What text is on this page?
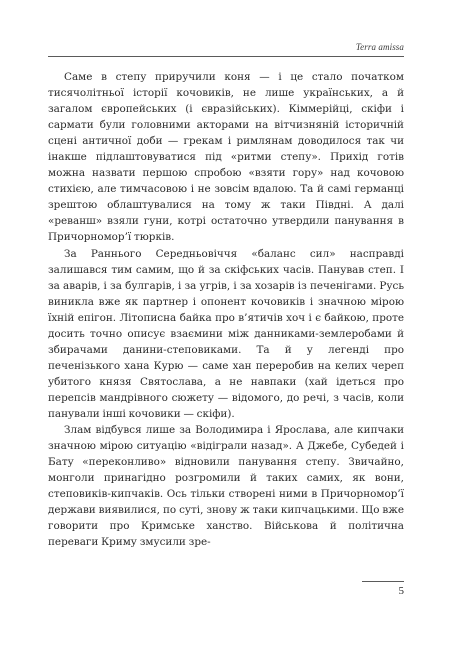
Terra amissa

Саме в степу приручили коня — і це стало початком тисячолітньої історії кочовиків, не лише українських, а й загалом європейських (і євразійських). Кіммерійці, скіфи і сармати були головними акторами на вітчизняній історичній сцені античної доби — грекам і римлянам доводилося так чи інакше підлаштовуватися під «ритми степу». Прихід готів можна назвати першою спробою «взяти гору» над кочовою стихією, але тимчасовою і не зовсім вдалою. Та й самі германці зрештою облаштувалися на тому ж таки Півдні. А далі «реванш» взяли гуни, котрі остаточно утвердили панування в Причорномор’ї тюрків.

За Раннього Середньовіччя «баланс сил» насправді залишався тим самим, що й за скіфських часів. Панував степ. І за аварів, і за булгарів, і за угрів, і за хозарів із печенігами. Русь виникла вже як партнер і опонент кочовиків і значною мірою їхній епігон. Літописна байка про в’ятичів хоч і є байкою, проте досить точно описує взаємини між данниками-землеробами й збирачами данини-степовиками. Та й у легенді про печенізького хана Курю — саме хан переробив на келих череп убитого князя Святослава, а не навпаки (хай ідеться про перепсів мандрівного сюжету — відомого, до речі, з часів, коли панували інші кочовики — скіфи).

Злам відбувся лише за Володимира і Ярослава, але кипчаки значною мірою ситуацію «відіграли назад». А Джебе, Субедей і Бату «переконливо» відновили панування степу. Звичайно, монголи принагідно розгромили й таких самих, як вони, степовиків-кипчаків. Ось тільки створені ними в Причорномор’ї держави виявилися, по суті, знову ж таки кипчацькими. Що вже говорити про Кримське ханство. Військова й політична переваги Криму змусили зре-

5
